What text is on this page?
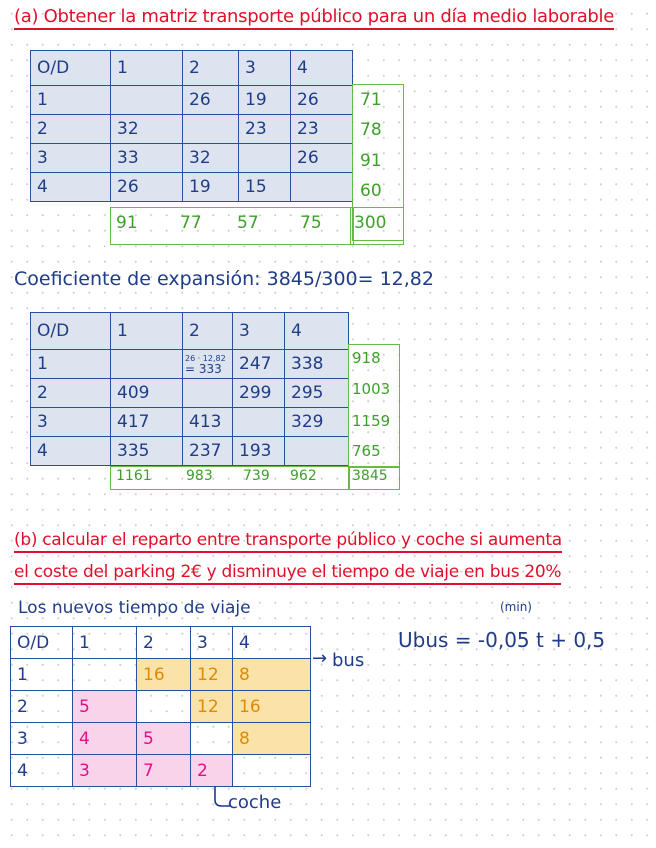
(a) Obtener la matriz transporte público para un día medio laborable
O/D	1	2	3	4
1		26	19	26
2	32		23	23
3	33	32		26
4	26	19	15	
71
78
91
60
91 77 57 75 300
Coeficiente de expansión: 3845/300= 12,82
O/D	1	2	3	4
1		26 · 12,82
= 333	247	338
2	409		299	295
3	417	413		329
4	335	237	193	
918
1003
1159
765
1161 983 739 962	3845
(b) calcular el reparto entre transporte público y coche si aumenta
el coste del parking 2€ y disminuye el tiempo de viaje en bus 20%
Los nuevos tiempo de viaje	(min)
Ubus = -0,05 t + 0,5
O/D	1	2	3	4
1		16	12	8
2	5		12	16
3	4	5		8
4	3	7	2	
→ bus
coche
